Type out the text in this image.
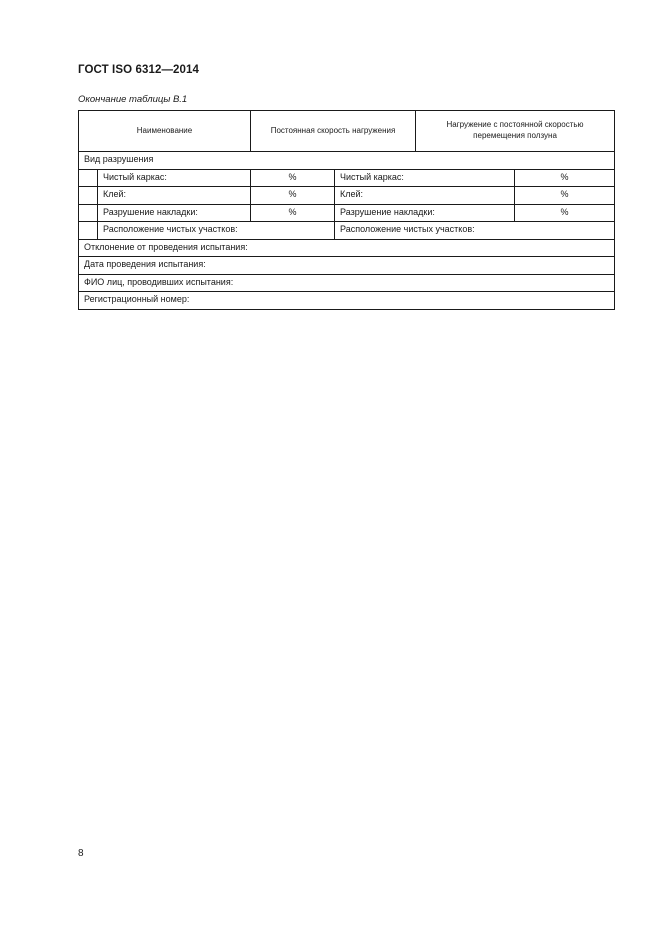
ГОСТ ISO 6312—2014
Окончание таблицы В.1
Наименование		Постоянная скорость нагружения		Нагружение с постоянной скоростью перемещения ползуна	
Вид разрушения					
	Чистый каркас:	%	Чистый каркас:		%
	Клей:	%	Клей:		%
	Разрушение накладки:	%	Разрушение накладки:		%
	Расположение чистых участков:		Расположение чистых участков:		
Отклонение от проведения испытания:					
Дата проведения испытания:					
ФИО лиц, проводивших испытания:					
Регистрационный номер:					
8
